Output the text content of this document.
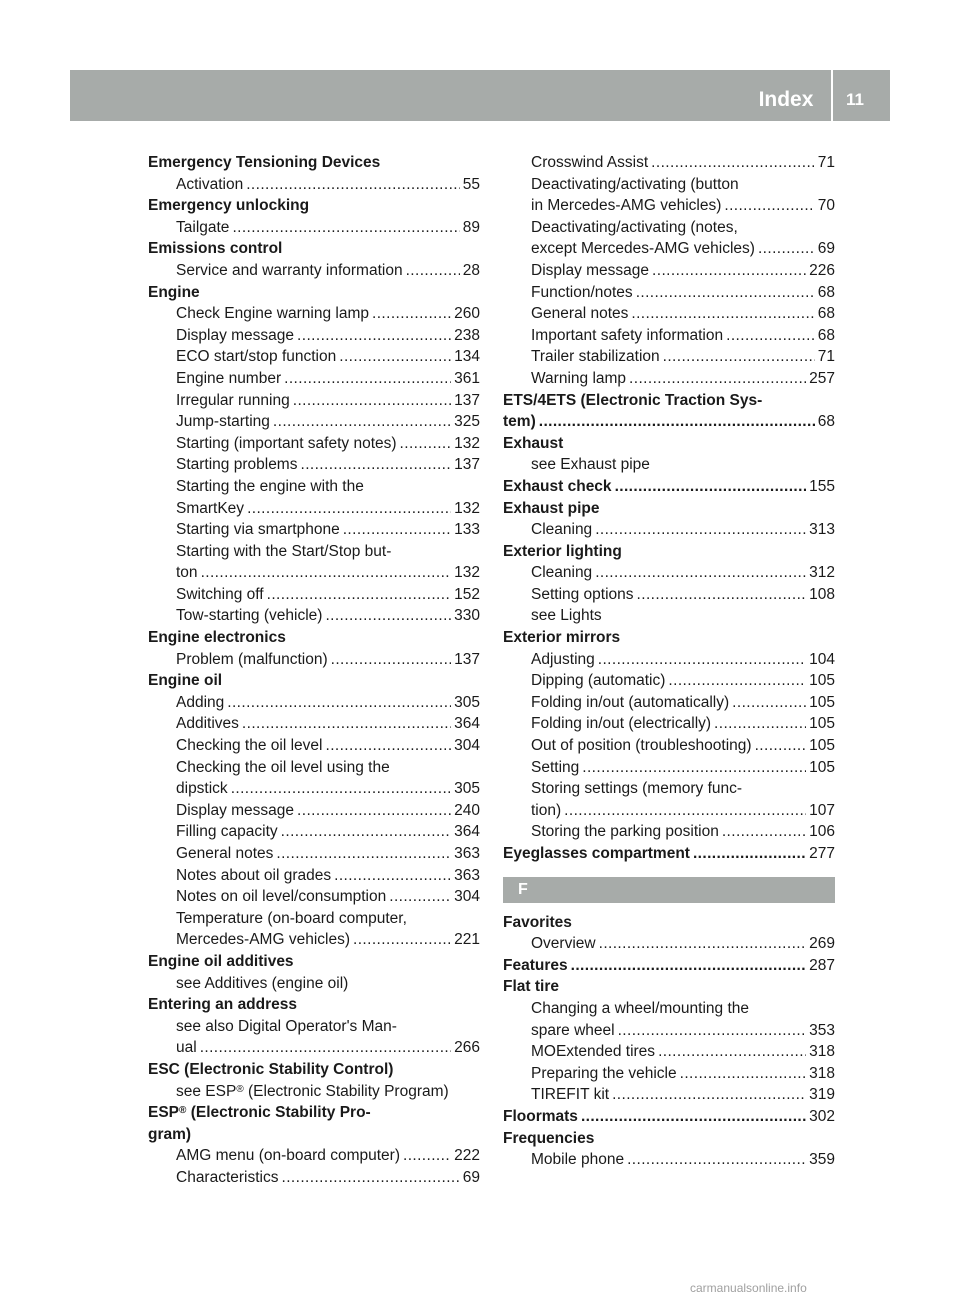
Index	11
Emergency Tensioning Devices
Activation .....	55
Emergency unlocking
Tailgate .....	89
Emissions control
Service and warranty information .....	28
Engine
Check Engine warning lamp .....	260
Display message .....	238
ECO start/stop function .....	134
Engine number .....	361
Irregular running .....	137
Jump-starting .....	325
Starting (important safety notes) .....	132
Starting problems .....	137
Starting the engine with the
SmartKey .....	132
Starting via smartphone .....	133
Starting with the Start/Stop but-
ton .....	132
Switching off .....	152
Tow-starting (vehicle) .....	330
Engine electronics
Problem (malfunction) .....	137
Engine oil
Adding .....	305
Additives .....	364
Checking the oil level .....	304
Checking the oil level using the
dipstick .....	305
Display message .....	240
Filling capacity .....	364
General notes .....	363
Notes about oil grades .....	363
Notes on oil level/consumption .....	304
Temperature (on-board computer,
Mercedes-AMG vehicles) .....	221
Engine oil additives
see Additives (engine oil)
Entering an address
see also Digital Operator's Man-
ual .....	266
ESC (Electronic Stability Control)
see ESP® (Electronic Stability Program)
ESP® (Electronic Stability Pro-
gram)
AMG menu (on-board computer) .....	222
Characteristics .....	69
Crosswind Assist .....	71
Deactivating/activating (button
in Mercedes-AMG vehicles) .....	70
Deactivating/activating (notes,
except Mercedes-AMG vehicles) .....	69
Display message .....	226
Function/notes .....	68
General notes .....	68
Important safety information .....	68
Trailer stabilization .....	71
Warning lamp .....	257
ETS/4ETS (Electronic Traction Sys-
tem) .....	68
Exhaust
see Exhaust pipe
Exhaust check .....	155
Exhaust pipe
Cleaning .....	313
Exterior lighting
Cleaning .....	312
Setting options .....	108
see Lights
Exterior mirrors
Adjusting .....	104
Dipping (automatic) .....	105
Folding in/out (automatically) .....	105
Folding in/out (electrically) .....	105
Out of position (troubleshooting) .....	105
Setting .....	105
Storing settings (memory func-
tion) .....	107
Storing the parking position .....	106
Eyeglasses compartment .....	277
F
Favorites
Overview .....	269
Features .....	287
Flat tire
Changing a wheel/mounting the
spare wheel .....	353
MOExtended tires .....	318
Preparing the vehicle .....	318
TIREFIT kit .....	319
Floormats .....	302
Frequencies
Mobile phone .....	359
carmanualsonline.info
